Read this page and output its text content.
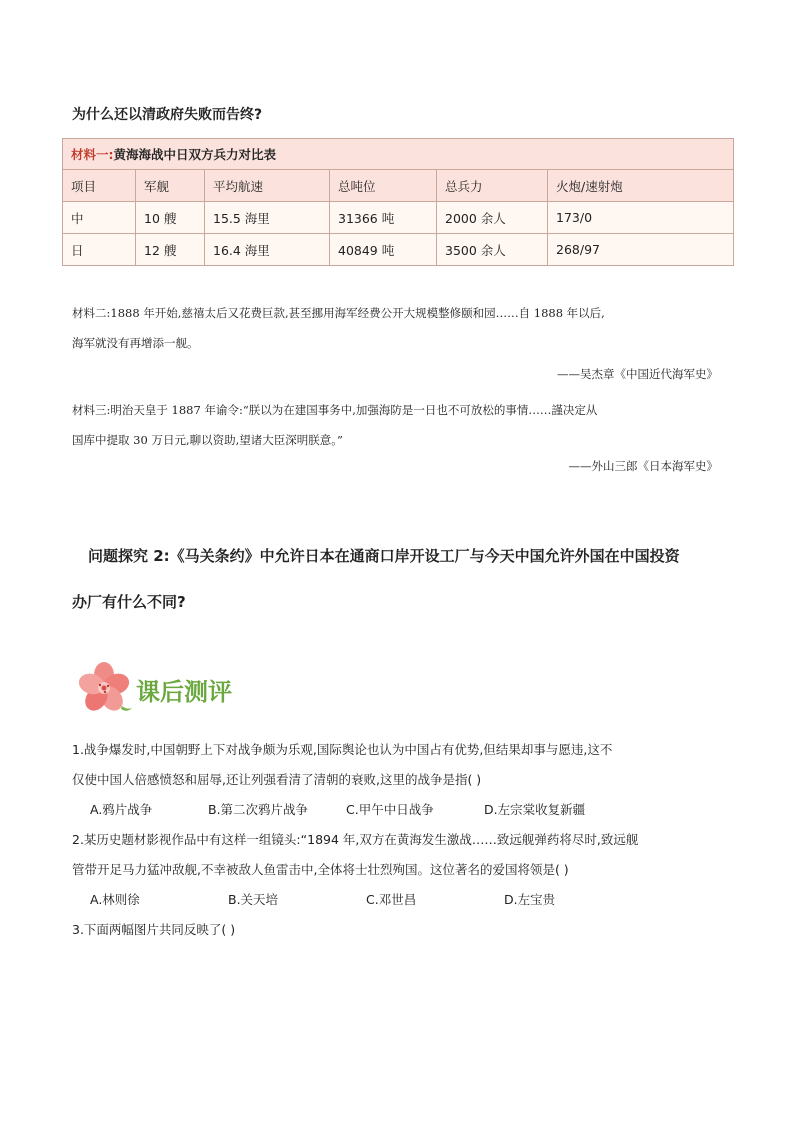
为什么还以清政府失败而告终?
材料一:黄海海战中日双方兵力对比表					
项目	军舰	平均航速	总吨位	总兵力	火炮/速射炮
中	10 艘	15.5 海里	31366 吨	2000 余人	173/0
日	12 艘	16.4 海里	40849 吨	3500 余人	268/97
材料二:1888 年开始,慈禧太后又花费巨款,甚至挪用海军经费公开大规模整修颐和园……自 1888 年以后,
海军就没有再增添一舰。
——吴杰章《中国近代海军史》
材料三:明治天皇于 1887 年谕令:“朕以为在建国事务中,加强海防是一日也不可放松的事情……謹决定从
国库中提取 30 万日元,聊以资助,望诸大臣深明朕意。”
——外山三郎《日本海军史》
问题探究 2:《马关条约》中允许日本在通商口岸开设工厂与今天中国允许外国在中国投资
办厂有什么不同?
课后测评
1.战争爆发时,中国朝野上下对战争颇为乐观,国际舆论也认为中国占有优势,但结果却事与愿违,这不
仅使中国人倍感愤怒和屈辱,还让列强看清了清朝的衰败,这里的战争是指( )
A.鸦片战争	B.第二次鸦片战争	C.甲午中日战争	D.左宗棠收复新疆
2.某历史题材影视作品中有这样一组镜头:“1894 年,双方在黄海发生激战……致远舰弹药将尽时,致远舰
管带开足马力猛冲敌舰,不幸被敌人鱼雷击中,全体将士壮烈殉国。这位著名的爱国将领是( )
A.林则徐	B.关天培	C.邓世昌	D.左宝贵
3.下面两幅图片共同反映了( )
